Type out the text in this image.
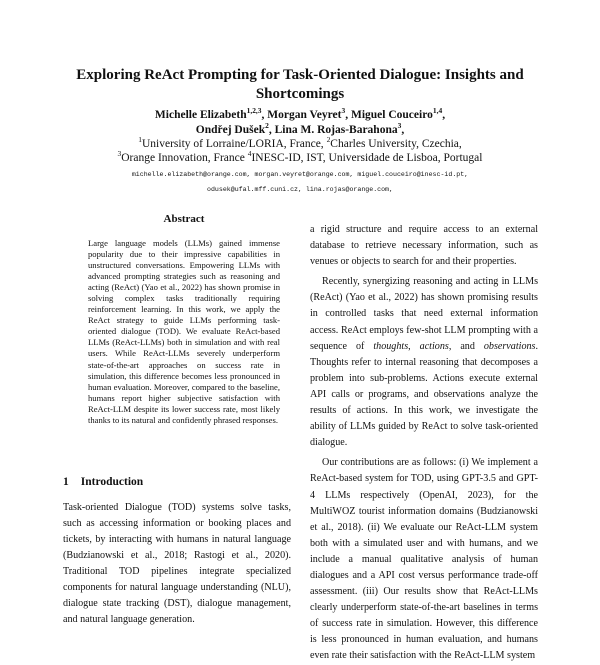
Exploring ReAct Prompting for Task-Oriented Dialogue: Insights and Shortcomings
Michelle Elizabeth$^{1,2,3}$, Morgan Veyret$^3$, Miguel Couceiro$^{1,4}$,
Ondřej Dušek$^2$, Lina M. Rojas-Barahona$^3$,
$^1$University of Lorraine/LORIA, France, $^2$Charles University, Czechia,
$^3$Orange Innovation, France $^4$INESC-ID, IST, Universidade de Lisboa, Portugal
michelle.elizabeth@orange.com, morgan.veyret@orange.com, miguel.couceiro@inesc-id.pt,
odusek@ufal.mff.cuni.cz, lina.rojas@orange.com,
Abstract

Large language models (LLMs) gained immense popularity due to their impressive capabilities in unstructured conversations. Empowering LLMs with advanced prompting strategies such as reasoning and acting (ReAct) (Yao et al., 2022) has shown promise in solving complex tasks traditionally requiring reinforcement learning. In this work, we apply the ReAct strategy to guide LLMs performing task-oriented dialogue (TOD). We evaluate ReAct-based LLMs (ReAct-LLMs) both in simulation and with real users. While ReAct-LLMs severely underperform state-of-the-art approaches on success rate in simulation, this difference becomes less pronounced in human evaluation. Moreover, compared to the baseline, humans report higher subjective satisfaction with ReAct-LLM despite its lower success rate, most likely thanks to its natural and confidently phrased responses.

1 Introduction

Task-oriented Dialogue (TOD) systems solve tasks, such as accessing information or booking places and tickets, by interacting with humans in natural language (Budzianowski et al., 2018; Rastogi et al., 2020). Traditional TOD pipelines integrate specialized components for natural language understanding (NLU), dialogue state tracking (DST), dialogue management, and natural language generation.

a rigid structure and require access to an external database to retrieve necessary information, such as venues or objects to search for and their properties.

Recently, synergizing reasoning and acting in LLMs (ReAct) (Yao et al., 2022) has shown promising results in controlled tasks that need external information access. ReAct employs few-shot LLM prompting with a sequence of thoughts, actions, and observations. Thoughts refer to internal reasoning that decomposes a problem into sub-problems. Actions execute external API calls or programs, and observations analyze the results of actions. In this work, we investigate the ability of LLMs guided by ReAct to solve task-oriented dialogue.

Our contributions are as follows: (i) We implement a ReAct-based system for TOD, using GPT-3.5 and GPT-4 LLMs respectively (OpenAI, 2023), for the MultiWOZ tourist information domains (Budzianowski et al., 2018). (ii) We evaluate our ReAct-LLM system both with a simulated user and with humans, and we include a manual qualitative analysis of human dialogues and a API cost versus performance trade-off assessment. (iii) Our results show that ReAct-LLMs clearly underperform state-of-the-art baselines in terms of success rate in simulation. However, this difference is less pronounced in human evaluation, and humans even rate their satisfaction with the ReAct-LLM system
